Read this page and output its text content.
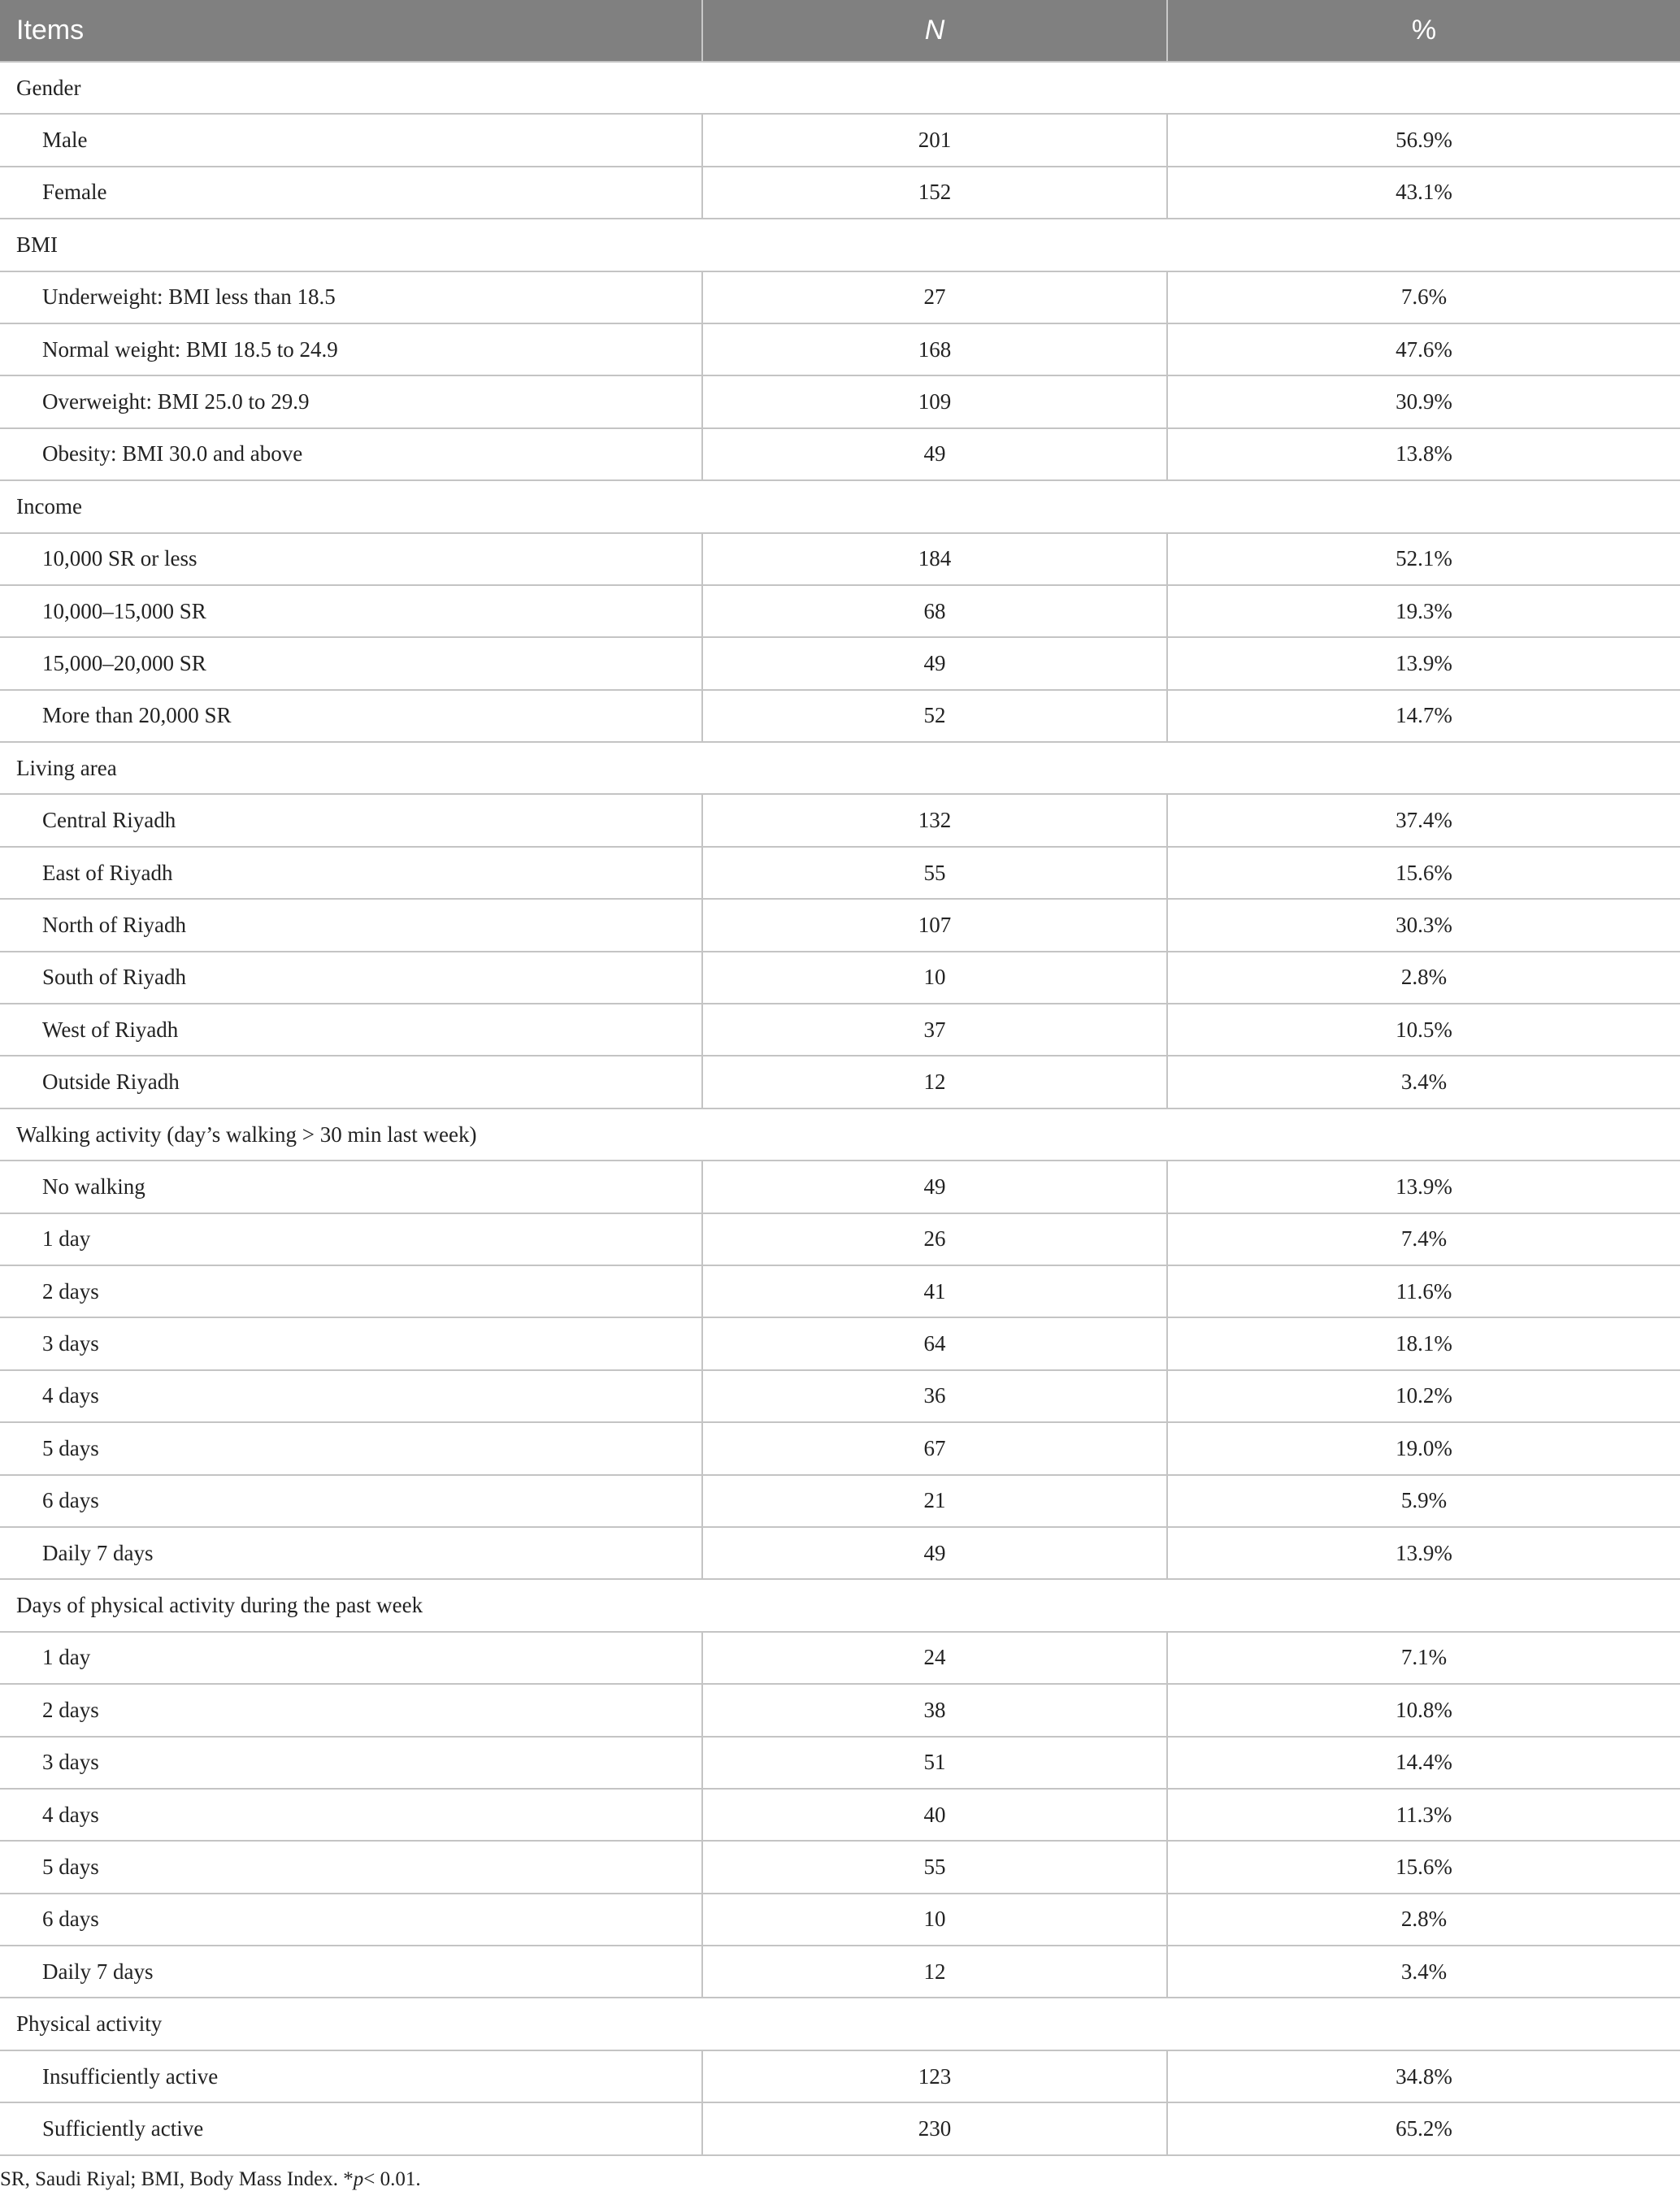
Items	N	%
Gender		
Male	201	56.9%
Female	152	43.1%
BMI		
Underweight: BMI less than 18.5	27	7.6%
Normal weight: BMI 18.5 to 24.9	168	47.6%
Overweight: BMI 25.0 to 29.9	109	30.9%
Obesity: BMI 30.0 and above	49	13.8%
Income		
10,000 SR or less	184	52.1%
10,000–15,000 SR	68	19.3%
15,000–20,000 SR	49	13.9%
More than 20,000 SR	52	14.7%
Living area		
Central Riyadh	132	37.4%
East of Riyadh	55	15.6%
North of Riyadh	107	30.3%
South of Riyadh	10	2.8%
West of Riyadh	37	10.5%
Outside Riyadh	12	3.4%
Walking activity (day’s walking > 30 min last week)		
No walking	49	13.9%
1 day	26	7.4%
2 days	41	11.6%
3 days	64	18.1%
4 days	36	10.2%
5 days	67	19.0%
6 days	21	5.9%
Daily 7 days	49	13.9%
Days of physical activity during the past week		
1 day	24	7.1%
2 days	38	10.8%
3 days	51	14.4%
4 days	40	11.3%
5 days	55	15.6%
6 days	10	2.8%
Daily 7 days	12	3.4%
Physical activity		
Insufficiently active	123	34.8%
Sufficiently active	230	65.2%
SR, Saudi Riyal; BMI, Body Mass Index. *p< 0.01.
